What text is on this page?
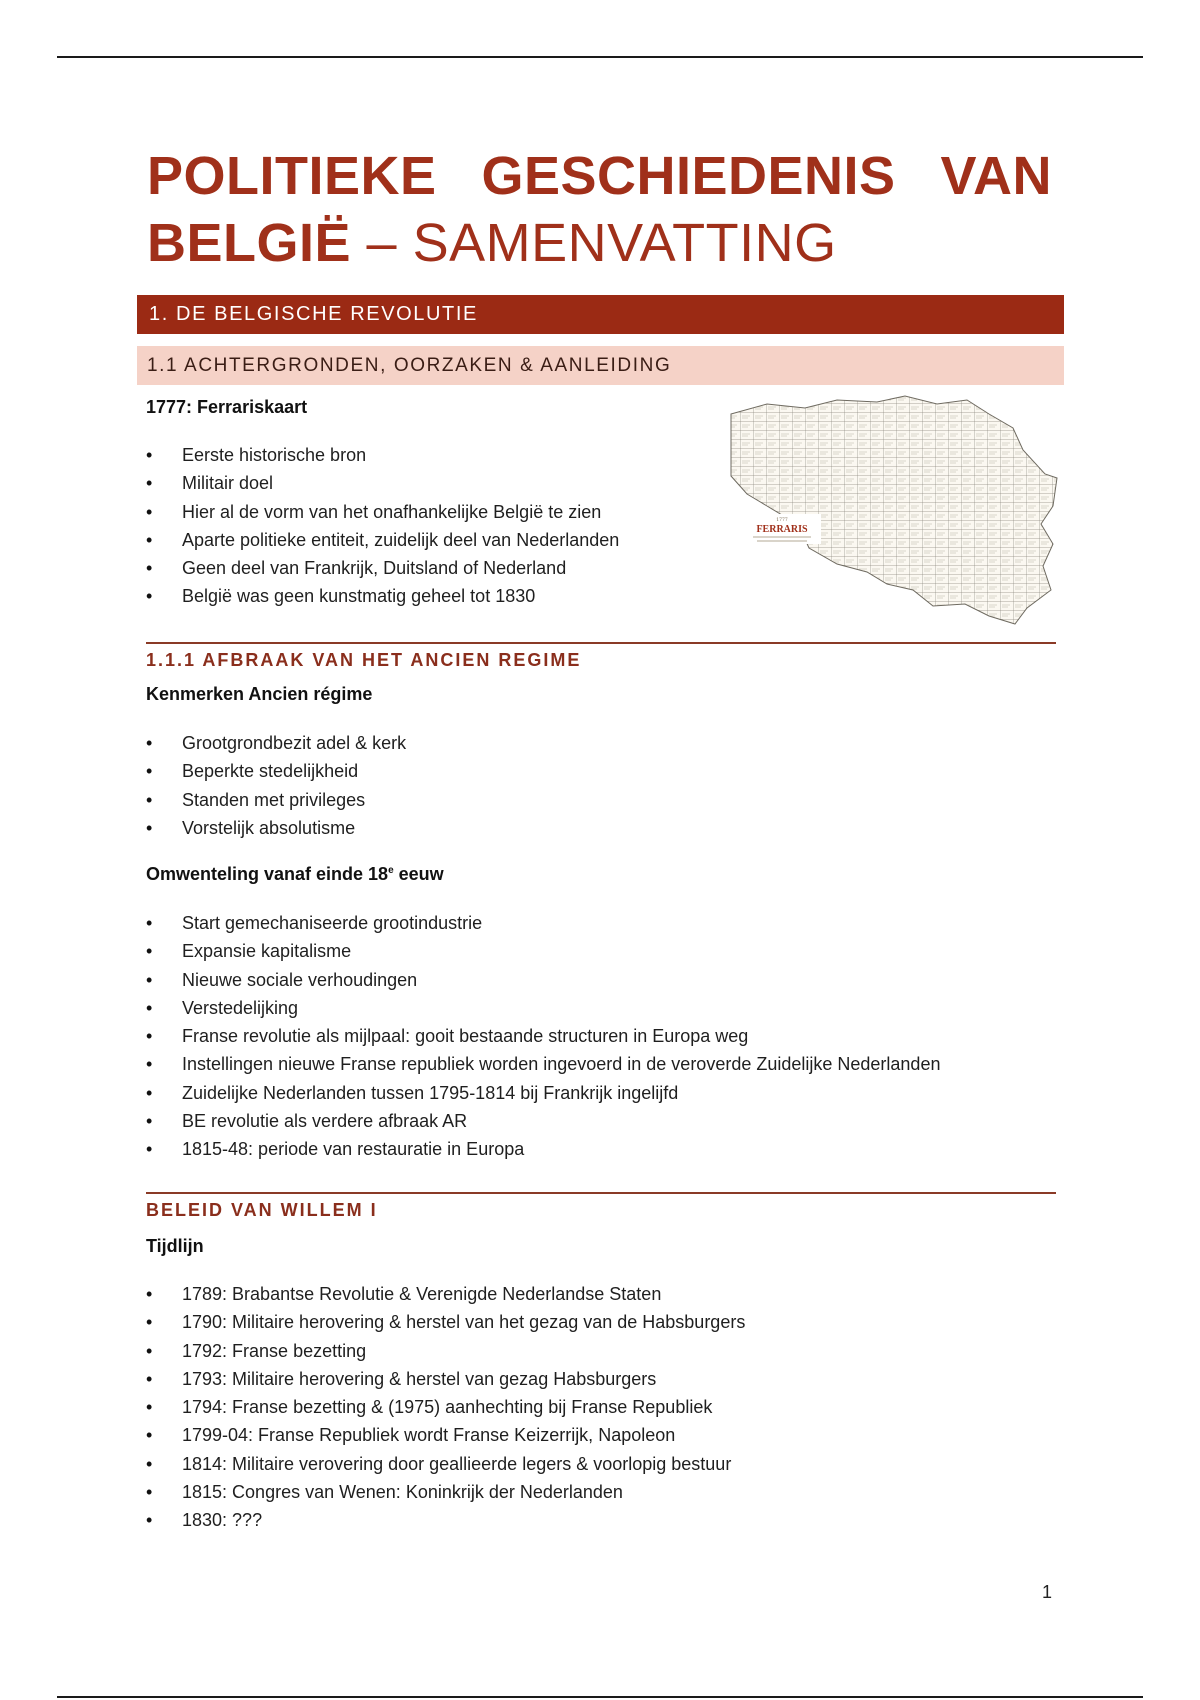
POLITIEKE GESCHIEDENIS VAN
BELGIË – SAMENVATTING
1. DE BELGISCHE REVOLUTIE
1.1 ACHTERGRONDEN, OORZAKEN & AANLEIDING

1777: Ferrariskaart

• Eerste historische bron
• Militair doel
• Hier al de vorm van het onafhankelijke België te zien
• Aparte politieke entiteit, zuidelijk deel van Nederlanden
• Geen deel van Frankrijk, Duitsland of Nederland
• België was geen kunstmatig geheel tot 1830
1777
FERRARIS
1.1.1 AFBRAAK VAN HET ANCIEN REGIME

Kenmerken Ancien régime

• Grootgrondbezit adel & kerk
• Beperkte stedelijkheid
• Standen met privileges
• Vorstelijk absolutisme

Omwenteling vanaf einde 18e eeuw

• Start gemechaniseerde grootindustrie
• Expansie kapitalisme
• Nieuwe sociale verhoudingen
• Verstedelijking
• Franse revolutie als mijlpaal: gooit bestaande structuren in Europa weg
• Instellingen nieuwe Franse republiek worden ingevoerd in de veroverde Zuidelijke Nederlanden
• Zuidelijke Nederlanden tussen 1795-1814 bij Frankrijk ingelijfd
• BE revolutie als verdere afbraak AR
• 1815-48: periode van restauratie in Europa
BELEID VAN WILLEM I

Tijdlijn

• 1789: Brabantse Revolutie & Verenigde Nederlandse Staten
• 1790: Militaire herovering & herstel van het gezag van de Habsburgers
• 1792: Franse bezetting
• 1793: Militaire herovering & herstel van gezag Habsburgers
• 1794: Franse bezetting & (1975) aanhechting bij Franse Republiek
• 1799-04: Franse Republiek wordt Franse Keizerrijk, Napoleon
• 1814: Militaire verovering door geallieerde legers & voorlopig bestuur
• 1815: Congres van Wenen: Koninkrijk der Nederlanden
• 1830: ???
1
